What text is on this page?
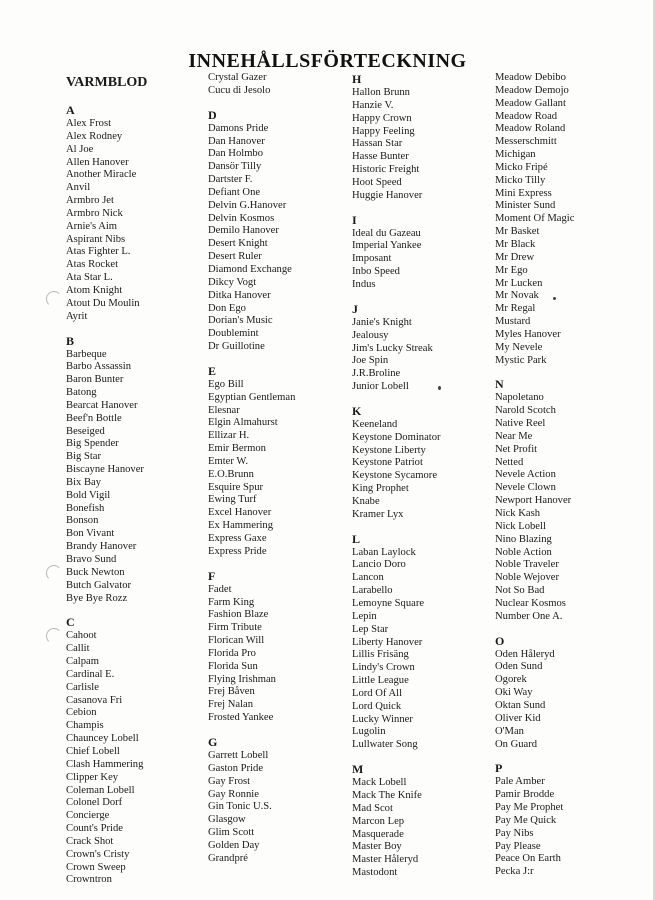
INNEHÅLLSFÖRTECKNING
VARMBLOD
A
Alex Frost
Alex Rodney
Al Joe
Allen Hanover
Another Miracle
Anvil
Armbro Jet
Armbro Nick
Arnie's Aim
Aspirant Nibs
Atas Fighter L.
Atas Rocket
Ata Star L.
Atom Knight
Atout Du Moulin
Ayrit
B
Barbeque
Barbo Assassin
Baron Bunter
Batong
Bearcat Hanover
Beef'n Bottle
Beseiged
Big Spender
Big Star
Biscayne Hanover
Bix Bay
Bold Vigil
Bonefish
Bonson
Bon Vivant
Brandy Hanover
Bravo Sund
Buck Newton
Butch Galvator
Bye Bye Rozz
C
Cahoot
Callit
Calpam
Cardinal E.
Carlisle
Casanova Fri
Cebion
Champis
Chauncey Lobell
Chief Lobell
Clash Hammering
Clipper Key
Coleman Lobell
Colonel Dorf
Concierge
Count's Pride
Crack Shot
Crown's Cristy
Crown Sweep
Crowntron
Crystal Gazer
Cucu di Jesolo
D
Damons Pride
Dan Hanover
Dan Holmbo
Dansör Tilly
Dartster F.
Defiant One
Delvin G.Hanover
Delvin Kosmos
Demilo Hanover
Desert Knight
Desert Ruler
Diamond Exchange
Dikcy Vogt
Ditka Hanover
Don Ego
Dorian's Music
Doublemint
Dr Guillotine
E
Ego Bill
Egyptian Gentleman
Elesnar
Elgin Almahurst
Ellizar H.
Emir Bermon
Emter W.
E.O.Brunn
Esquire Spur
Ewing Turf
Excel Hanover
Ex Hammering
Express Gaxe
Express Pride
F
Fadet
Farm King
Fashion Blaze
Firm Tribute
Florican Will
Florida Pro
Florida Sun
Flying Irishman
Frej Båven
Frej Nalan
Frosted Yankee
G
Garrett Lobell
Gaston Pride
Gay Frost
Gay Ronnie
Gin Tonic U.S.
Glasgow
Glim Scott
Golden Day
Grandpré
H
Hallon Brunn
Hanzie V.
Happy Crown
Happy Feeling
Hassan Star
Hasse Bunter
Historic Freight
Hoot Speed
Huggie Hanover
I
Ideal du Gazeau
Imperial Yankee
Imposant
Inbo Speed
Indus
J
Janie's Knight
Jealousy
Jim's Lucky Streak
Joe Spin
J.R.Broline
Junior Lobell
K
Keeneland
Keystone Dominator
Keystone Liberty
Keystone Patriot
Keystone Sycamore
King Prophet
Knabe
Kramer Lyx
L
Laban Laylock
Lancio Doro
Lancon
Larabello
Lemoyne Square
Lepin
Lep Star
Liberty Hanover
Lillis Frisäng
Lindy's Crown
Little League
Lord Of All
Lord Quick
Lucky Winner
Lugolin
Lullwater Song
M
Mack Lobell
Mack The Knife
Mad Scot
Marcon Lep
Masquerade
Master Boy
Master Håleryd
Mastodont
Meadow Debibo
Meadow Demojo
Meadow Gallant
Meadow Road
Meadow Roland
Messerschmitt
Michigan
Micko Fripé
Micko Tilly
Mini Express
Minister Sund
Moment Of Magic
Mr Basket
Mr Black
Mr Drew
Mr Ego
Mr Lucken
Mr Novak
Mr Regal
Mustard
Myles Hanover
My Nevele
Mystic Park
N
Napoletano
Narold Scotch
Native Reel
Near Me
Net Profit
Netted
Nevele Action
Nevele Clown
Newport Hanover
Nick Kash
Nick Lobell
Nino Blazing
Noble Action
Noble Traveler
Noble Wejover
Not So Bad
Nuclear Kosmos
Number One A.
O
Oden Håleryd
Oden Sund
Ogorek
Oki Way
Oktan Sund
Oliver Kid
O'Man
On Guard
P
Pale Amber
Pamir Brodde
Pay Me Prophet
Pay Me Quick
Pay Nibs
Pay Please
Peace On Earth
Pecka J:r
